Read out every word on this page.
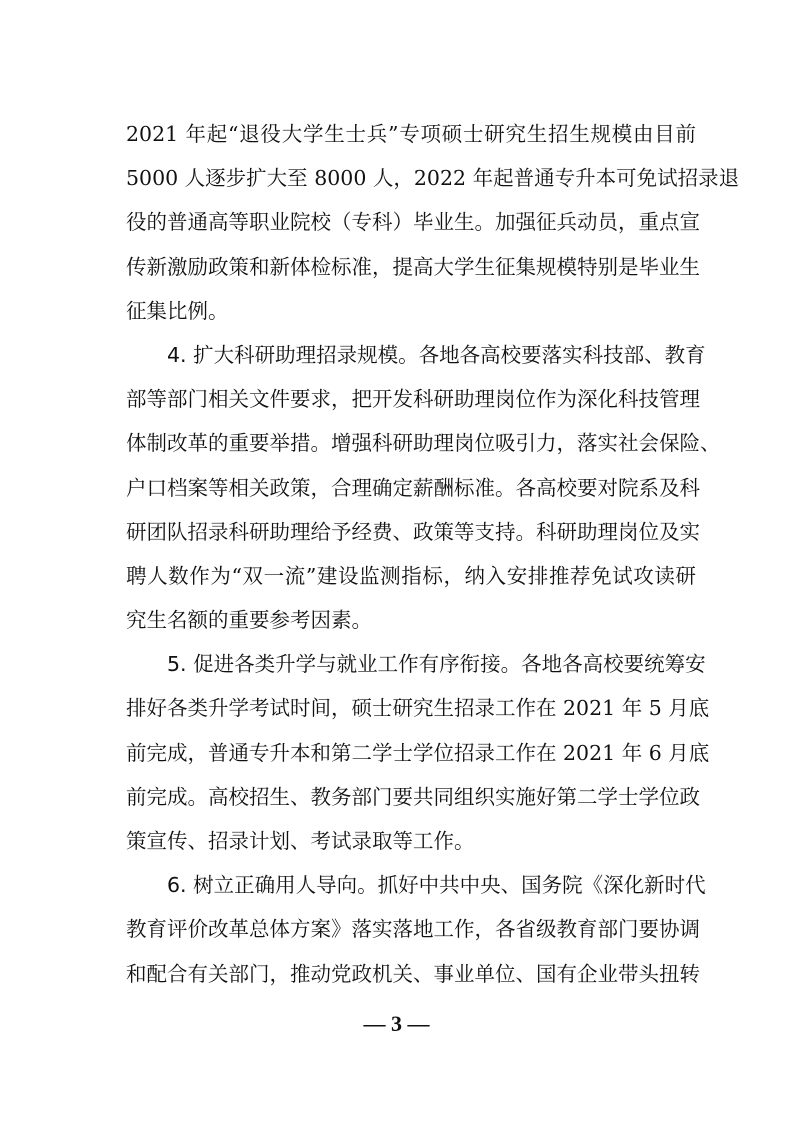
2021 年起“退役大学生士兵”专项硕士研究生招生规模由目前
5000 人逐步扩大至 8000 人，2022 年起普通专升本可免试招录退
役的普通高等职业院校（专科）毕业生。加强征兵动员，重点宣
传新激励政策和新体检标准，提高大学生征集规模特别是毕业生
征集比例。
4. 扩大科研助理招录规模。各地各高校要落实科技部、教育
部等部门相关文件要求，把开发科研助理岗位作为深化科技管理
体制改革的重要举措。增强科研助理岗位吸引力，落实社会保险、
户口档案等相关政策，合理确定薪酬标准。各高校要对院系及科
研团队招录科研助理给予经费、政策等支持。科研助理岗位及实
聘人数作为“双一流”建设监测指标，纳入安排推荐免试攻读研
究生名额的重要参考因素。
5. 促进各类升学与就业工作有序衔接。各地各高校要统筹安
排好各类升学考试时间，硕士研究生招录工作在 2021 年 5 月底
前完成，普通专升本和第二学士学位招录工作在 2021 年 6 月底
前完成。高校招生、教务部门要共同组织实施好第二学士学位政
策宣传、招录计划、考试录取等工作。
6. 树立正确用人导向。抓好中共中央、国务院《深化新时代
教育评价改革总体方案》落实落地工作，各省级教育部门要协调
和配合有关部门，推动党政机关、事业单位、国有企业带头扭转
— 3 —
